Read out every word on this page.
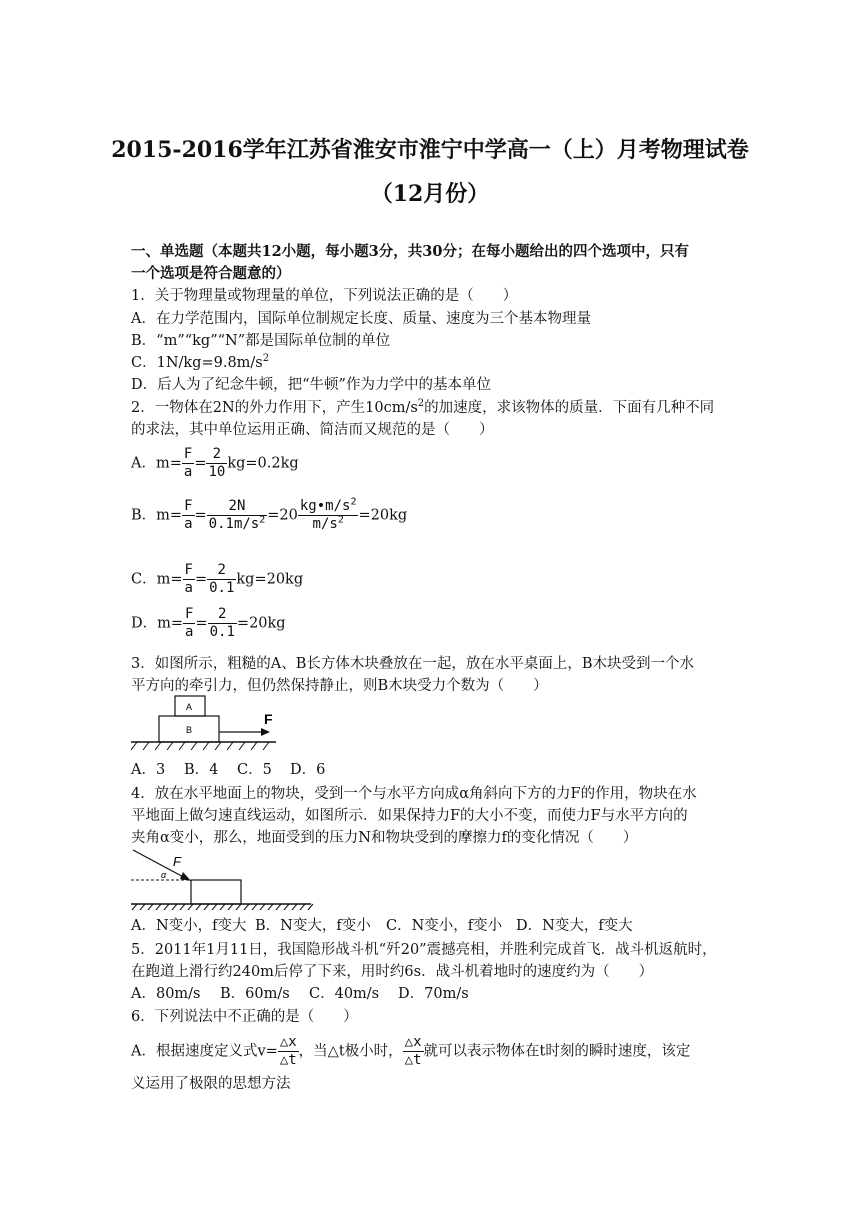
2015-2016学年江苏省淮安市淮宁中学高一（上）月考物理试卷
（12月份）
一、单选题（本题共12小题，每小题3分，共30分；在每小题给出的四个选项中，只有
一个选项是符合题意的）
1．关于物理量或物理量的单位，下列说法正确的是（　　）
A．在力学范围内，国际单位制规定长度、质量、速度为三个基本物理量
B．“m”“kg”“N”都是国际单位制的单位
C．$1N/kg=9.8m/s^2$
D．后人为了纪念牛顿，把“牛顿”作为力学中的基本单位
2．一物体在2N的外力作用下，产生$10cm/s^2$的加速度，求该物体的质量．下面有几种不同
的求法，其中单位运用正确、简洁而又规范的是（　　）
A．$m= \frac{F}{a} = \frac{2}{10} kg=0.2kg$
B．$m= \frac{F}{a} = \frac{2N}{0.1m/s^2} =20 \frac{kg•m/s^2}{m/s^2} =20kg$
C．$m= \frac{F}{a} = \frac{2}{0.1} kg=20kg$
D．$m= \frac{F}{a} = \frac{2}{0.1} =20kg$
3．如图所示，粗糙的A、B长方体木块叠放在一起，放在水平桌面上，B木块受到一个水
平方向的牵引力，但仍然保持静止，则B木块受力个数为（　　）
A
B
F
A．3 B．4 C．5 D．6
4．放在水平地面上的物块，受到一个与水平方向成α角斜向下方的力F的作用，物块在水
平地面上做匀速直线运动，如图所示．如果保持力F的大小不变，而使力F与水平方向的
夹角α变小，那么，地面受到的压力N和物块受到的摩擦力f的变化情况（　　）
F
α
A．N变小，f变大 B．N变大，f变小 C．N变小，f变小 D．N变大，f变大
5．2011年1月11日，我国隐形战斗机“歼20”震撼亮相，并胜利完成首飞．战斗机返航时，
在跑道上滑行约240m后停了下来，用时约6s．战斗机着地时的速度约为（　　）
A．80m/s B．60m/s C．40m/s D．70m/s
6．下列说法中不正确的是（　　）
A．根据速度定义式$v= \frac{\triangle x}{\triangle t}$ ，当△t极小时， $\frac{\triangle x}{\triangle t}$ 就可以表示物体在t时刻的瞬时速度，该定
义运用了极限的思想方法
